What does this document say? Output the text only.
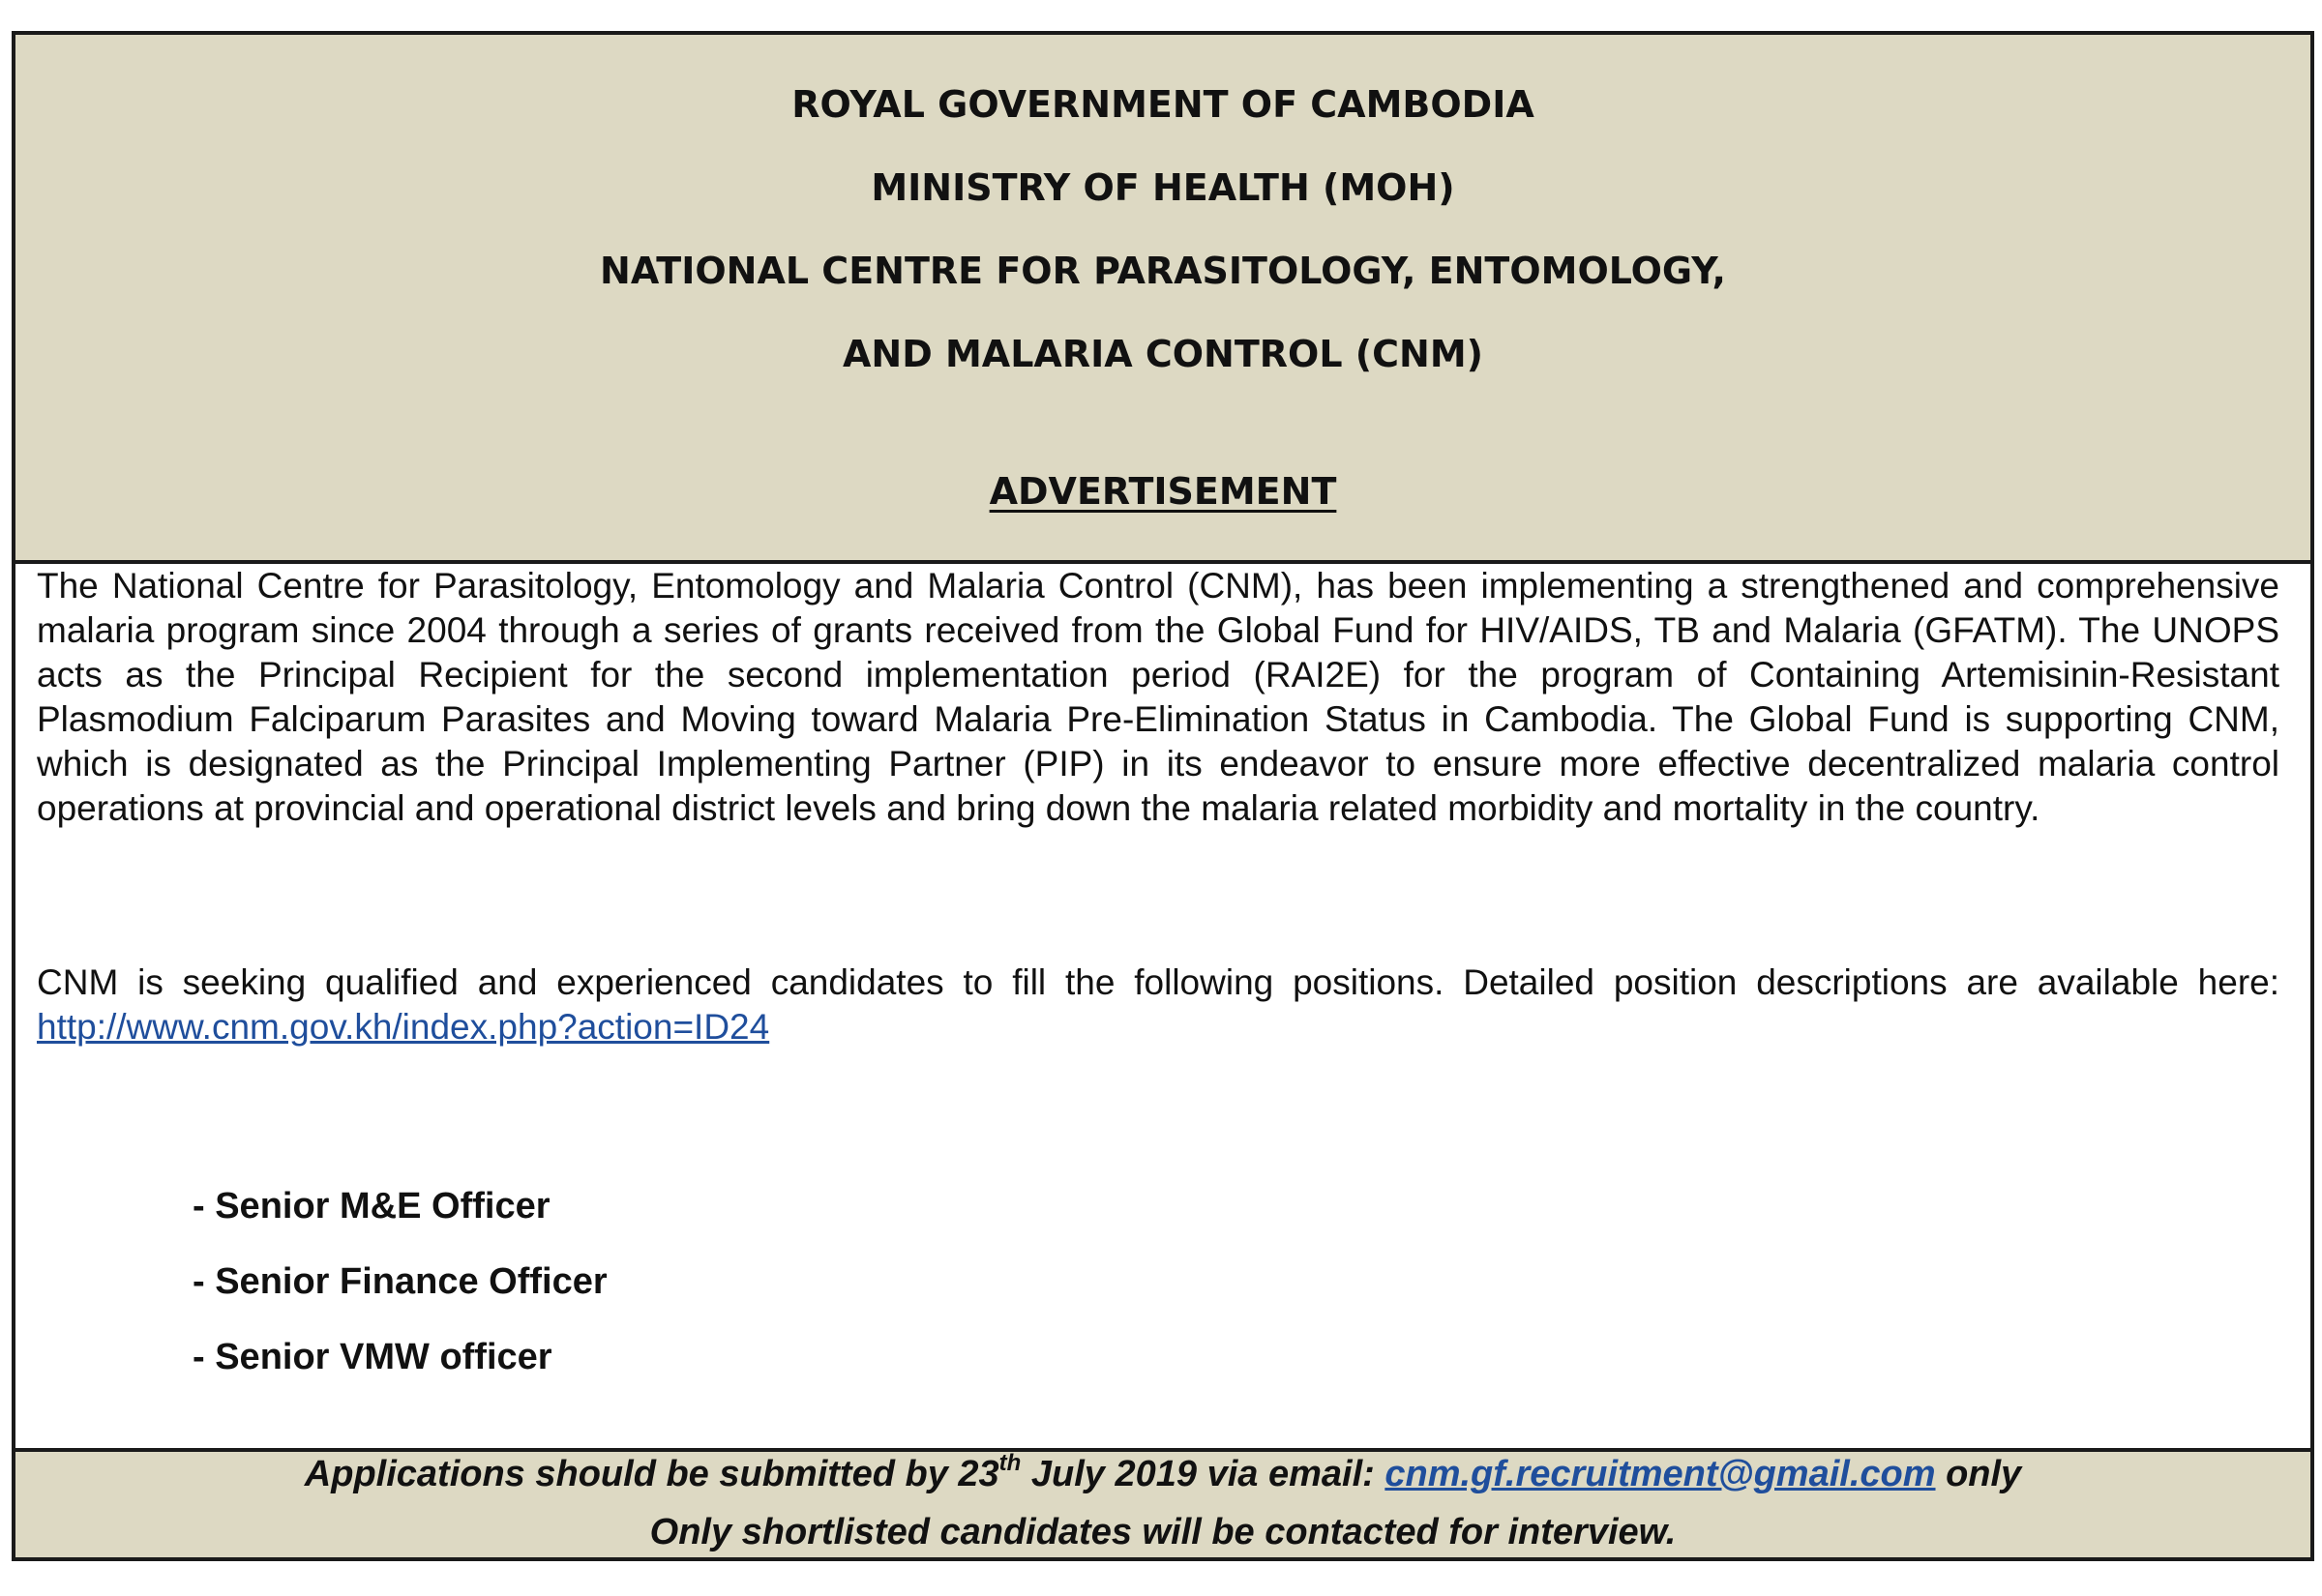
ROYAL GOVERNMENT OF CAMBODIA
MINISTRY OF HEALTH (MOH)
NATIONAL CENTRE FOR PARASITOLOGY, ENTOMOLOGY,
AND MALARIA CONTROL (CNM)
ADVERTISEMENT

The National Centre for Parasitology, Entomology and Malaria Control (CNM), has been implementing a strengthened and comprehensive malaria program since 2004 through a series of grants received from the Global Fund for HIV/AIDS, TB and Malaria (GFATM). The UNOPS acts as the Principal Recipient for the second implementation period (RAI2E) for the program of Containing Artemisinin-Resistant Plasmodium Falciparum Parasites and Moving toward Malaria Pre-Elimination Status in Cambodia. The Global Fund is supporting CNM, which is designated as the Principal Implementing Partner (PIP) in its endeavor to ensure more effective decentralized malaria control operations at provincial and operational district levels and bring down the malaria related morbidity and mortality in the country.

CNM is seeking qualified and experienced candidates to fill the following positions. Detailed position descriptions are available here: http://www.cnm.gov.kh/index.php?action=ID24

- Senior M&E Officer
- Senior Finance Officer
- Senior VMW officer
Applications should be submitted by 23th July 2019 via email: cnm.gf.recruitment@gmail.com only
Only shortlisted candidates will be contacted for interview.
